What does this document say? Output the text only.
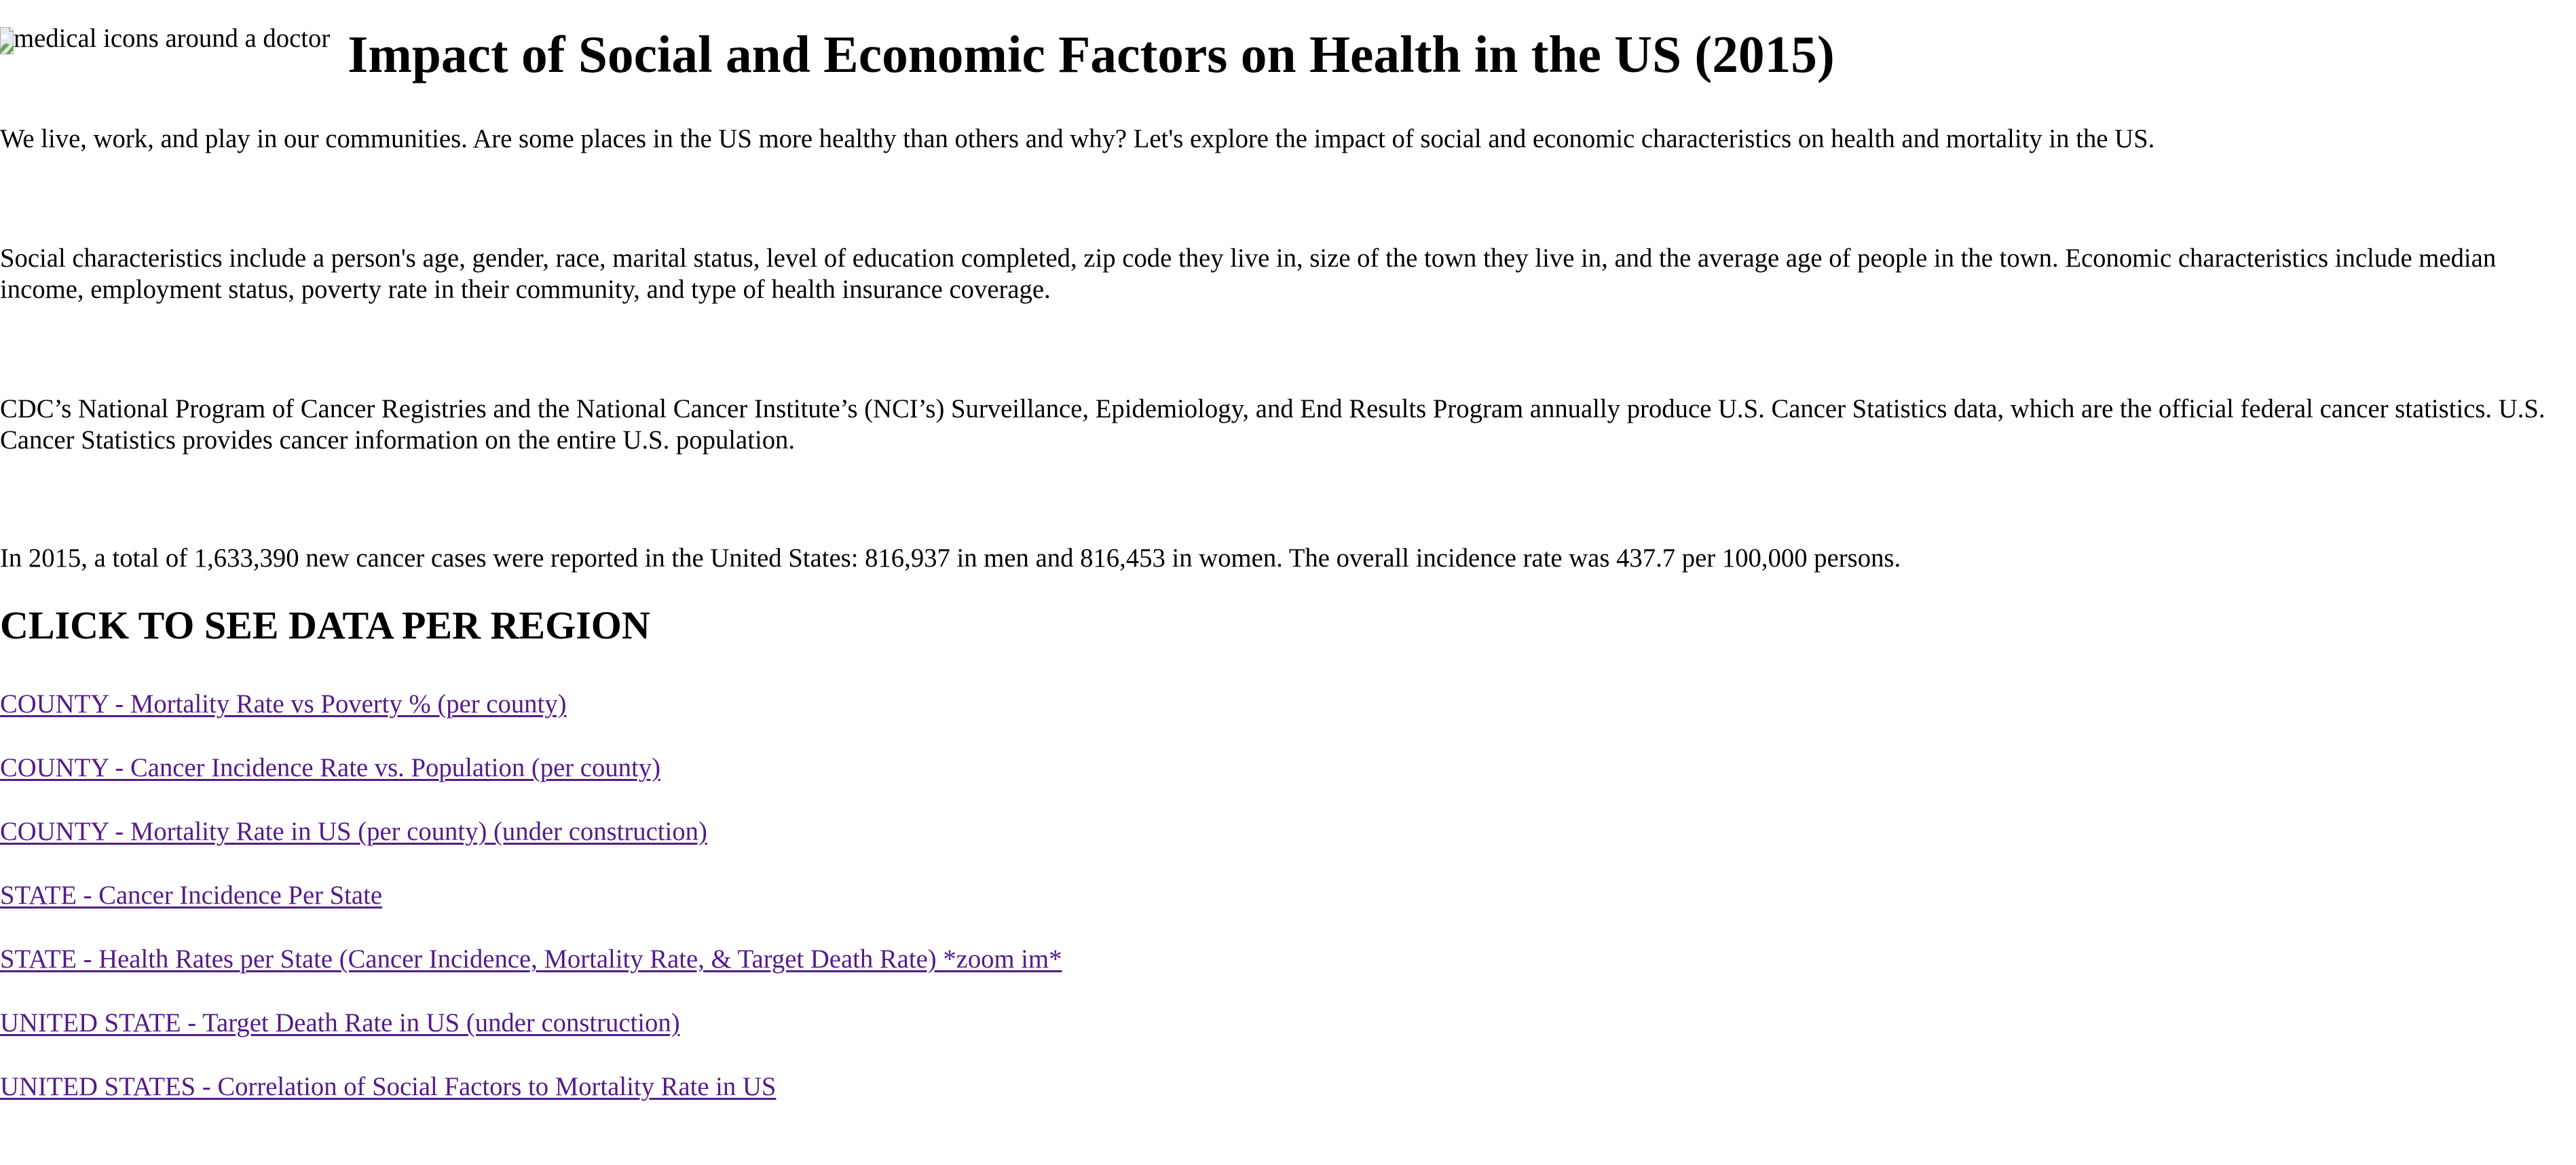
medical icons around a doctor Impact of Social and Economic Factors on Health in the US (2015)

We live, work, and play in our communities. Are some places in the US more healthy than others and why? Let's explore the impact of social and economic characteristics on health and mortality in the US.

Social characteristics include a person's age, gender, race, marital status, level of education completed, zip code they live in, size of the town they live in, and the average age of people in the town. Economic characteristics include median income, employment status, poverty rate in their community, and type of health insurance coverage.

CDC’s National Program of Cancer Registries and the National Cancer Institute’s (NCI’s) Surveillance, Epidemiology, and End Results Program annually produce U.S. Cancer Statistics data, which are the official federal cancer statistics. U.S. Cancer Statistics provides cancer information on the entire U.S. population.

In 2015, a total of 1,633,390 new cancer cases were reported in the United States: 816,937 in men and 816,453 in women. The overall incidence rate was 437.7 per 100,000 persons.

CLICK TO SEE DATA PER REGION
COUNTY - Mortality Rate vs Poverty % (per county)
COUNTY - Cancer Incidence Rate vs. Population (per county)
COUNTY - Mortality Rate in US (per county) (under construction)
STATE - Cancer Incidence Per State
STATE - Health Rates per State (Cancer Incidence, Mortality Rate, & Target Death Rate) *zoom im*
UNITED STATE - Target Death Rate in US (under construction)
UNITED STATES - Correlation of Social Factors to Mortality Rate in US
